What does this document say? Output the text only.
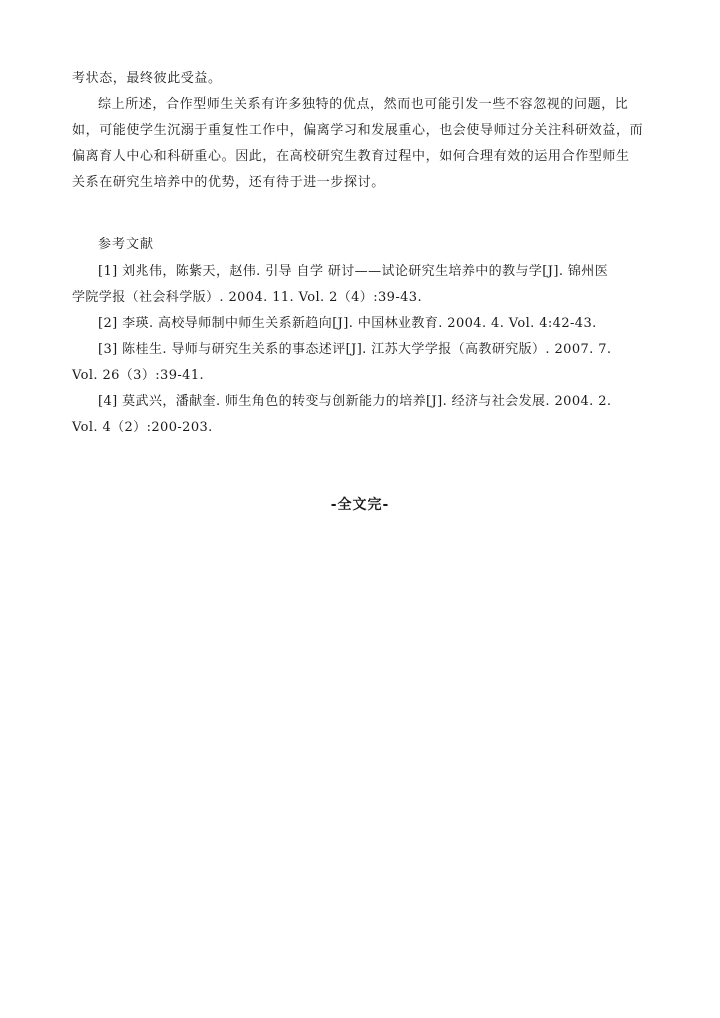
考状态，最终彼此受益。
综上所述，合作型师生关系有许多独特的优点，然而也可能引发一些不容忽视的问题，比
如，可能使学生沉溺于重复性工作中，偏离学习和发展重心，也会使导师过分关注科研效益，而
偏离育人中心和科研重心。因此，在高校研究生教育过程中，如何合理有效的运用合作型师生
关系在研究生培养中的优势，还有待于进一步探讨。
参考文献
[1] 刘兆伟，陈紫天，赵伟. 引导 自学 研讨——试论研究生培养中的教与学[J]. 锦州医
学院学报（社会科学版）. 2004. 11. Vol. 2（4）:39-43.
[2] 李瑛. 高校导师制中师生关系新趋向[J]. 中国林业教育. 2004. 4. Vol. 4:42-43.
[3] 陈桂生. 导师与研究生关系的事态述评[J]. 江苏大学学报（高教研究版）. 2007. 7.
Vol. 26（3）:39-41.
[4] 莫武兴，潘献奎. 师生角色的转变与创新能力的培养[J]. 经济与社会发展. 2004. 2.
Vol. 4（2）:200-203.
-全文完-
